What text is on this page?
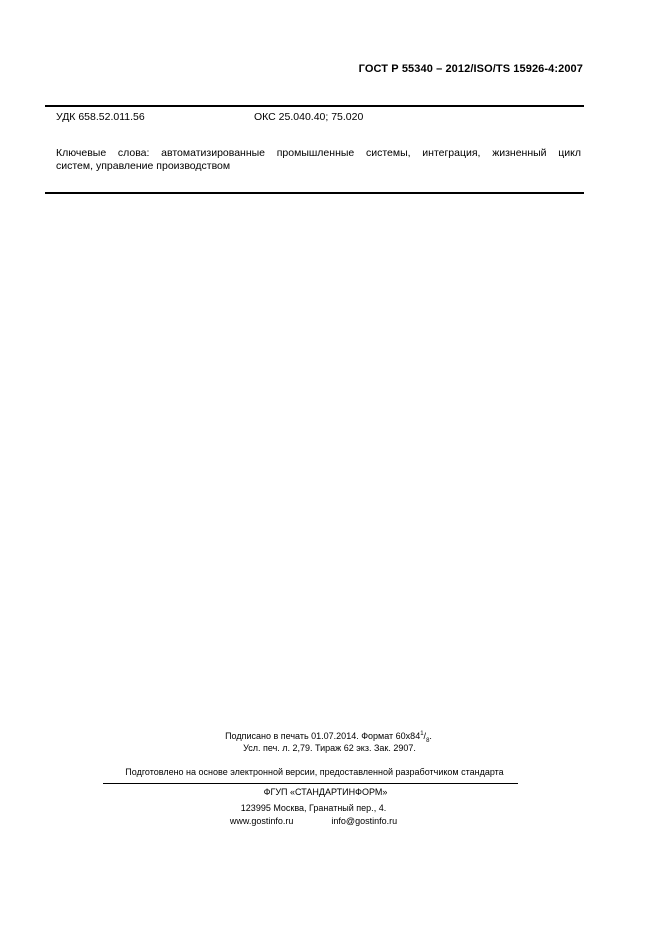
ГОСТ Р 55340 – 2012/ISO/TS 15926-4:2007
УДК 658.52.011.56	ОКС 25.040.40; 75.020
Ключевые слова: автоматизированные промышленные системы, интеграция, жизненный цикл
систем, управление производством
Подписано в печать 01.07.2014. Формат $60x84^1/_8$.
Усл. печ. л. 2,79. Тираж 62 экз. Зак. 2907.
Подготовлено на основе электронной версии, предоставленной разработчиком стандарта
ФГУП «СТАНДАРТИНФОРМ»
123995 Москва, Гранатный пер., 4.
www.gostinfo.ru	info@gostinfo.ru
